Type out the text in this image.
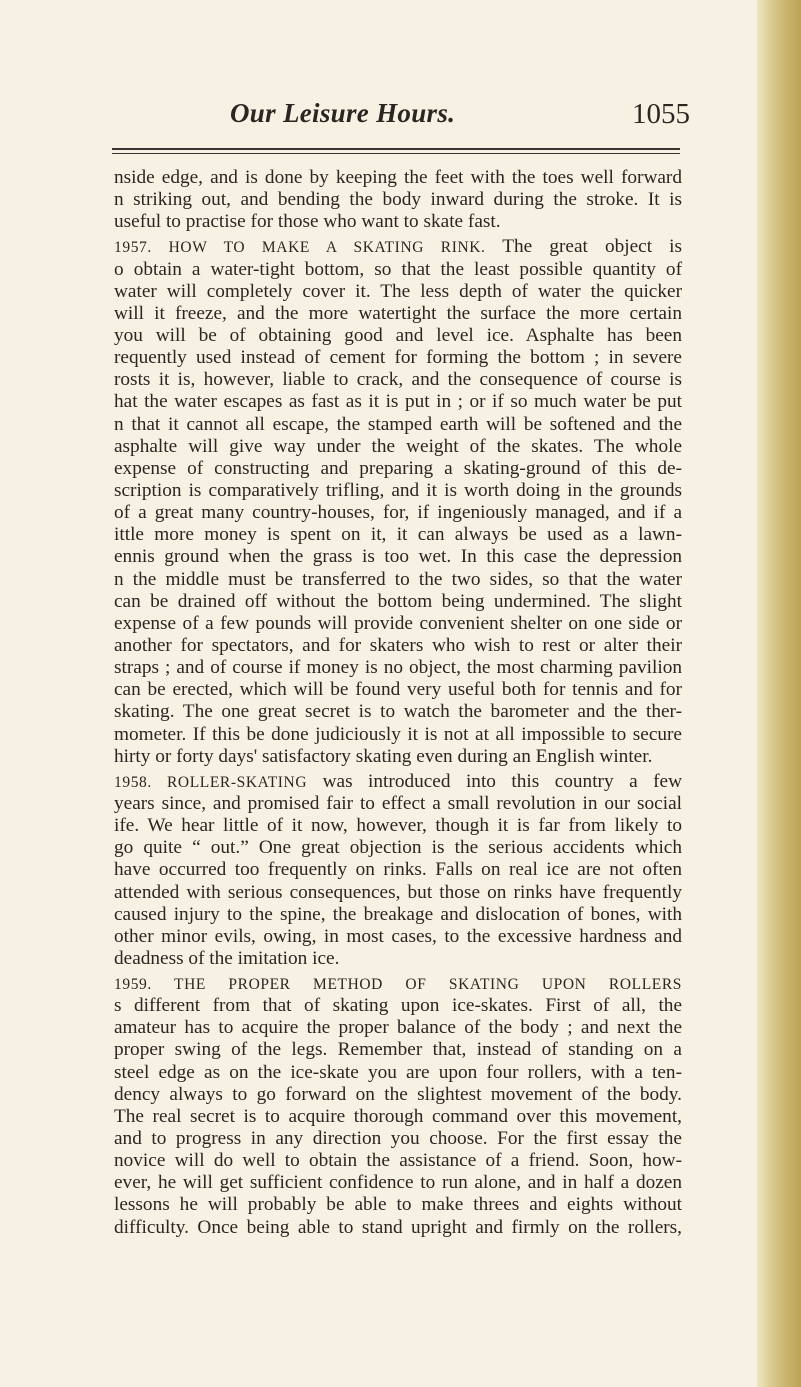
Our Leisure Hours.	1055
nside edge, and is done by keeping the feet with the toes well forward
n striking out, and bending the body inward during the stroke. It is
useful to practise for those who want to skate fast.
1957. HOW TO MAKE A SKATING RINK. The great object is
o obtain a water-tight bottom, so that the least possible quantity of
water will completely cover it. The less depth of water the quicker
will it freeze, and the more watertight the surface the more certain
you will be of obtaining good and level ice. Asphalte has been
requently used instead of cement for forming the bottom ; in severe
rosts it is, however, liable to crack, and the consequence of course is
hat the water escapes as fast as it is put in ; or if so much water be put
n that it cannot all escape, the stamped earth will be softened and the
asphalte will give way under the weight of the skates. The whole
expense of constructing and preparing a skating-ground of this de-
scription is comparatively trifling, and it is worth doing in the grounds
of a great many country-houses, for, if ingeniously managed, and if a
ittle more money is spent on it, it can always be used as a lawn-
ennis ground when the grass is too wet. In this case the depression
n the middle must be transferred to the two sides, so that the water
can be drained off without the bottom being undermined. The slight
expense of a few pounds will provide convenient shelter on one side or
another for spectators, and for skaters who wish to rest or alter their
straps ; and of course if money is no object, the most charming pavilion
can be erected, which will be found very useful both for tennis and for
skating. The one great secret is to watch the barometer and the ther-
mometer. If this be done judiciously it is not at all impossible to secure
hirty or forty days' satisfactory skating even during an English winter.
1958. ROLLER-SKATING was introduced into this country a few
years since, and promised fair to effect a small revolution in our social
ife. We hear little of it now, however, though it is far from likely to
go quite “ out.” One great objection is the serious accidents which
have occurred too frequently on rinks. Falls on real ice are not often
attended with serious consequences, but those on rinks have frequently
caused injury to the spine, the breakage and dislocation of bones, with
other minor evils, owing, in most cases, to the excessive hardness and
deadness of the imitation ice.
1959. THE PROPER METHOD OF SKATING UPON ROLLERS
s different from that of skating upon ice-skates. First of all, the
amateur has to acquire the proper balance of the body ; and next the
proper swing of the legs. Remember that, instead of standing on a
steel edge as on the ice-skate you are upon four rollers, with a ten-
dency always to go forward on the slightest movement of the body.
The real secret is to acquire thorough command over this movement,
and to progress in any direction you choose. For the first essay the
novice will do well to obtain the assistance of a friend. Soon, how-
ever, he will get sufficient confidence to run alone, and in half a dozen
lessons he will probably be able to make threes and eights without
difficulty. Once being able to stand upright and firmly on the rollers,
